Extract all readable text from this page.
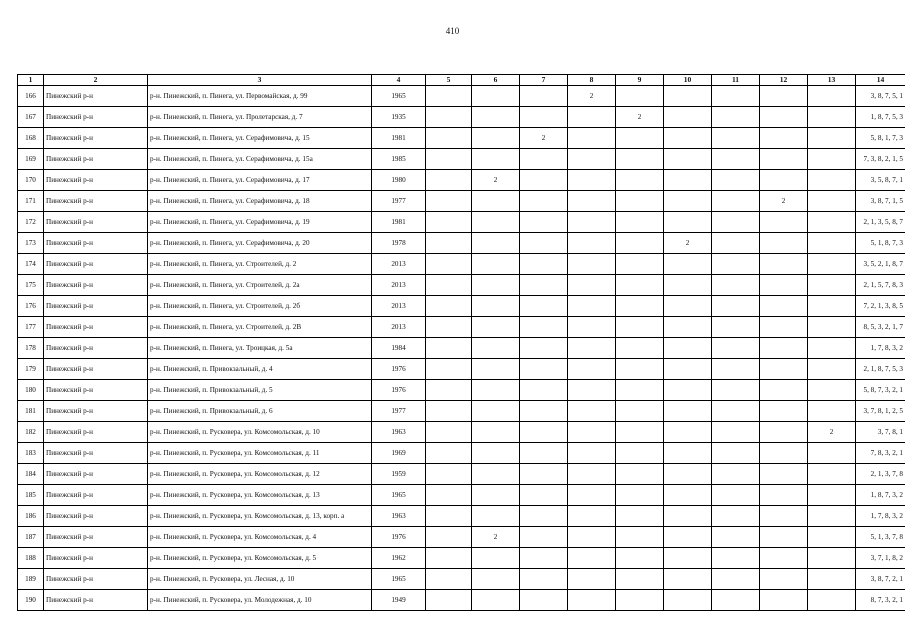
410
1	2	3	4	5	6	7	8	9	10	11	12	13	14
166	Пинежский р-н	р-н. Пинежский, п. Пинега, ул. Первомайская, д. 99	1965				2						3, 8, 7, 5, 1
167	Пинежский р-н	р-н. Пинежский, п. Пинега, ул. Пролетарская, д. 7	1935					2					1, 8, 7, 5, 3
168	Пинежский р-н	р-н. Пинежский, п. Пинега, ул. Серафимовича, д. 15	1981			2							5, 8, 1, 7, 3
169	Пинежский р-н	р-н. Пинежский, п. Пинега, ул. Серафимовича, д. 15а	1985										7, 3, 8, 2, 1, 5
170	Пинежский р-н	р-н. Пинежский, п. Пинега, ул. Серафимовича, д. 17	1980		2								3, 5, 8, 7, 1
171	Пинежский р-н	р-н. Пинежский, п. Пинега, ул. Серафимовича, д. 18	1977								2		3, 8, 7, 1, 5
172	Пинежский р-н	р-н. Пинежский, п. Пинега, ул. Серафимовича, д. 19	1981										2, 1, 3, 5, 8, 7
173	Пинежский р-н	р-н. Пинежский, п. Пинега, ул. Серафимовича, д. 20	1978						2				5, 1, 8, 7, 3
174	Пинежский р-н	р-н. Пинежский, п. Пинега, ул. Строителей, д. 2	2013										3, 5, 2, 1, 8, 7
175	Пинежский р-н	р-н. Пинежский, п. Пинега, ул. Строителей, д. 2а	2013										2, 1, 5, 7, 8, 3
176	Пинежский р-н	р-н. Пинежский, п. Пинега, ул. Строителей, д. 2б	2013										7, 2, 1, 3, 8, 5
177	Пинежский р-н	р-н. Пинежский, п. Пинега, ул. Строителей, д. 2В	2013										8, 5, 3, 2, 1, 7
178	Пинежский р-н	р-н. Пинежский, п. Пинега, ул. Троицкая, д. 5а	1984										1, 7, 8, 3, 2
179	Пинежский р-н	р-н. Пинежский, п. Привокзальный, д. 4	1976										2, 1, 8, 7, 5, 3
180	Пинежский р-н	р-н. Пинежский, п. Привокзальный, д. 5	1976										5, 8, 7, 3, 2, 1
181	Пинежский р-н	р-н. Пинежский, п. Привокзальный, д. 6	1977										3, 7, 8, 1, 2, 5
182	Пинежский р-н	р-н. Пинежский, п. Русковера, ул. Комсомольская, д. 10	1963									2	3, 7, 8, 1
183	Пинежский р-н	р-н. Пинежский, п. Русковера, ул. Комсомольская, д. 11	1969										7, 8, 3, 2, 1
184	Пинежский р-н	р-н. Пинежский, п. Русковера, ул. Комсомольская, д. 12	1959										2, 1, 3, 7, 8
185	Пинежский р-н	р-н. Пинежский, п. Русковера, ул. Комсомольская, д. 13	1965										1, 8, 7, 3, 2
186	Пинежский р-н	р-н. Пинежский, п. Русковера, ул. Комсомольская, д. 13, корп. а	1963										1, 7, 8, 3, 2
187	Пинежский р-н	р-н. Пинежский, п. Русковера, ул. Комсомольская, д. 4	1976		2								5, 1, 3, 7, 8
188	Пинежский р-н	р-н. Пинежский, п. Русковера, ул. Комсомольская, д. 5	1962										3, 7, 1, 8, 2
189	Пинежский р-н	р-н. Пинежский, п. Русковера, ул. Лесная, д. 10	1965										3, 8, 7, 2, 1
190	Пинежский р-н	р-н. Пинежский, п. Русковера, ул. Молодежная, д. 10	1949										8, 7, 3, 2, 1
